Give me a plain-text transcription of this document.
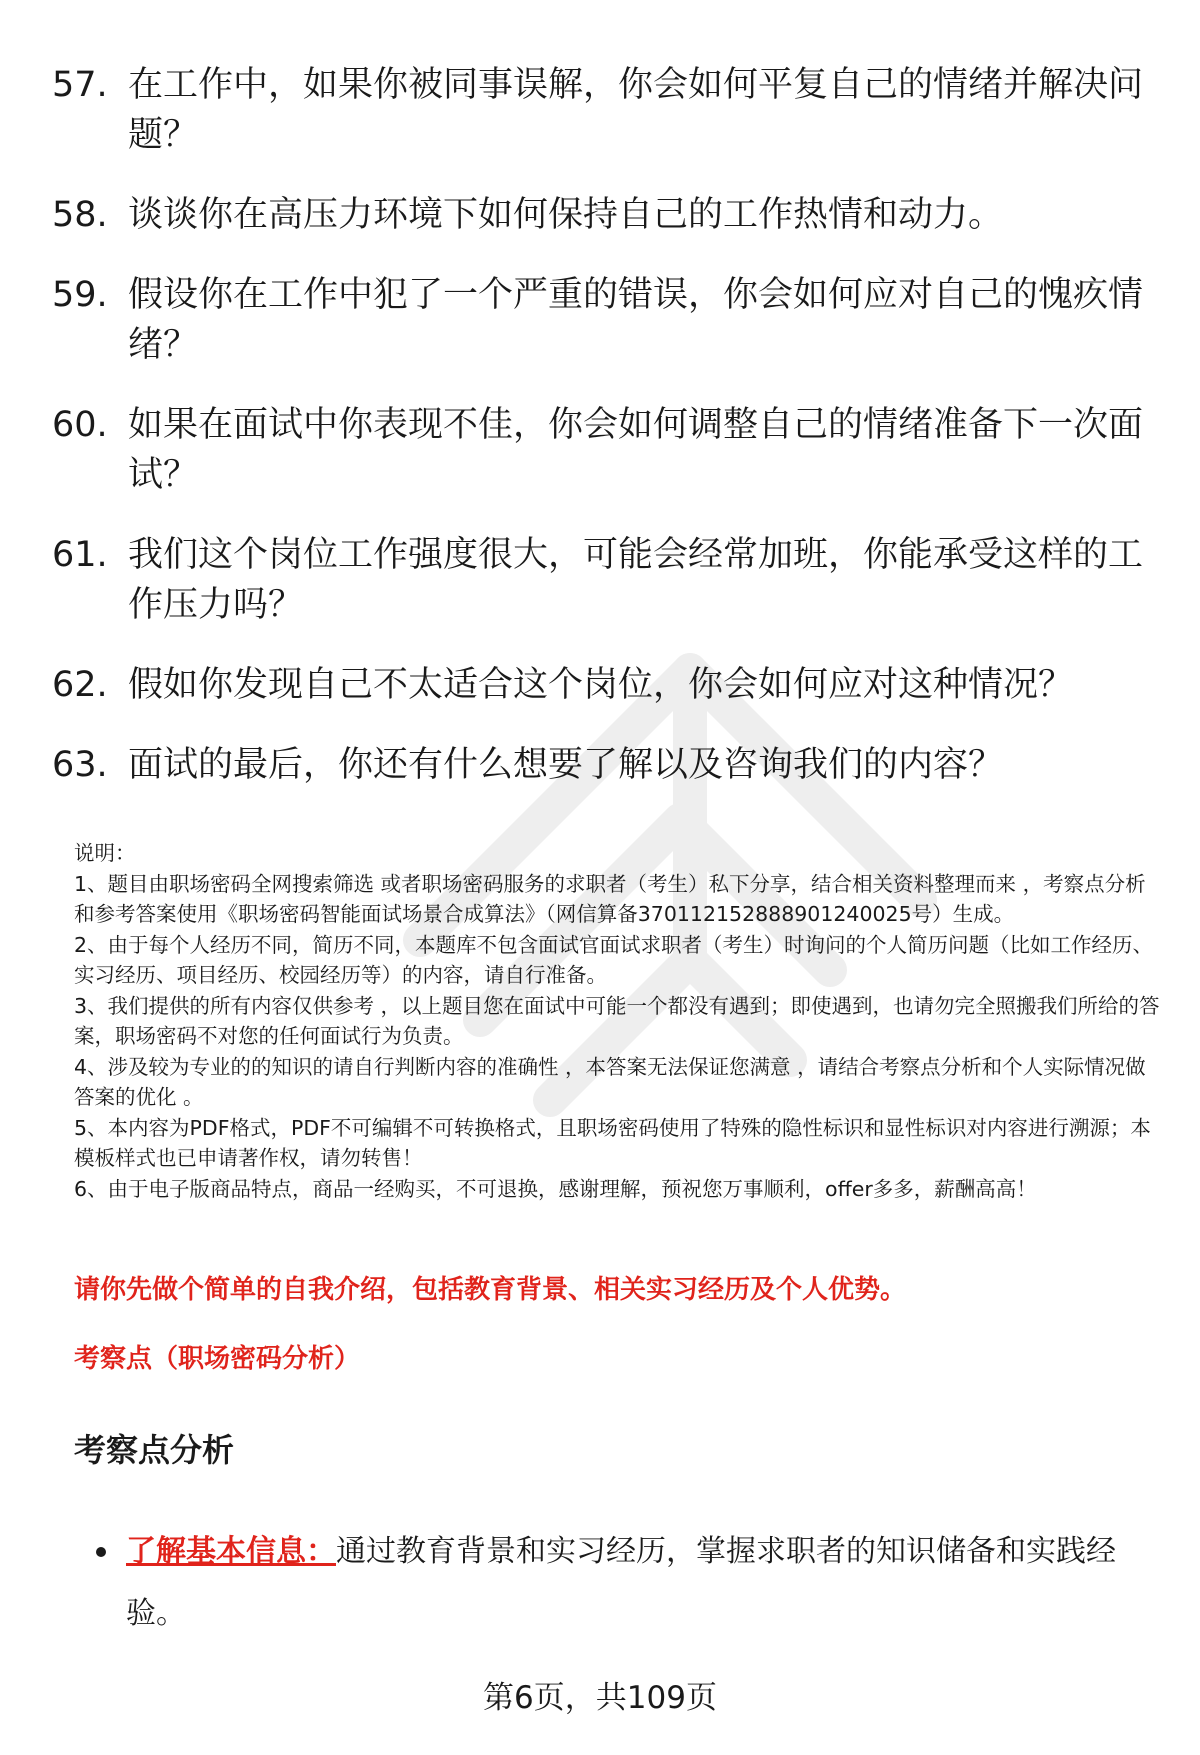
57. 在工作中，如果你被同事误解，你会如何平复自己的情绪并解决问题？
58. 谈谈你在高压力环境下如何保持自己的工作热情和动力。
59. 假设你在工作中犯了一个严重的错误，你会如何应对自己的愧疚情绪？
60. 如果在面试中你表现不佳，你会如何调整自己的情绪准备下一次面试？
61. 我们这个岗位工作强度很大，可能会经常加班，你能承受这样的工作压力吗？
62. 假如你发现自己不太适合这个岗位，你会如何应对这种情况？
63. 面试的最后，你还有什么想要了解以及咨询我们的内容？

说明：

1、题目由职场密码全网搜索筛选 或者职场密码服务的求职者（考生）私下分享，结合相关资料整理而来 ，考察点分析和参考答案使用《职场密码智能面试场景合成算法》（网信算备370112152888901240025号）生成。

2、由于每个人经历不同，简历不同，本题库不包含面试官面试求职者（考生）时询问的个人简历问题（比如工作经历、实习经历、项目经历、校园经历等）的内容，请自行准备。

3、我们提供的所有内容仅供参考 ，以上题目您在面试中可能一个都没有遇到；即使遇到，也请勿完全照搬我们所给的答案，职场密码不对您的任何面试行为负责。

4、涉及较为专业的的知识的请自行判断内容的准确性 ，本答案无法保证您满意 ，请结合考察点分析和个人实际情况做答案的优化 。

5、本内容为PDF格式，PDF不可编辑不可转换格式，且职场密码使用了特殊的隐性标识和显性标识对内容进行溯源；本模板样式也已申请著作权，请勿转售！

6、由于电子版商品特点，商品一经购买，不可退换，感谢理解，预祝您万事顺利，offer多多，薪酬高高！

请你先做个简单的自我介绍，包括教育背景、相关实习经历及个人优势。
考察点（职场密码分析）
考察点分析
了解基本信息：通过教育背景和实习经历，掌握求职者的知识储备和实践经验。
第6页，共109页
